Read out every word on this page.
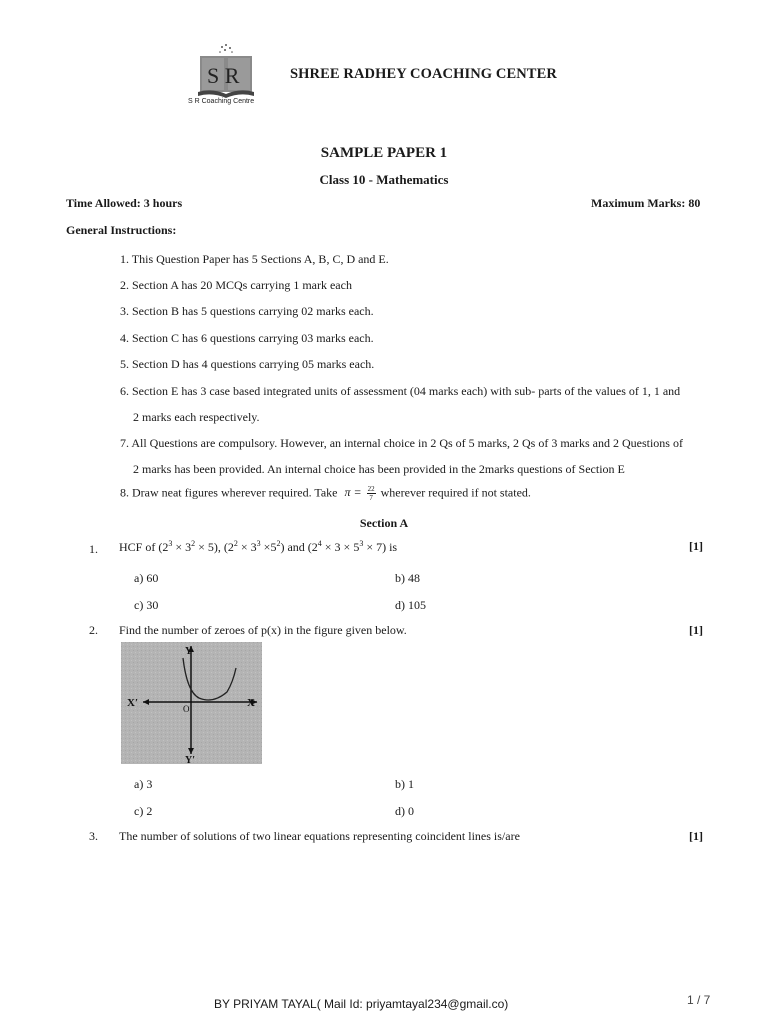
S R
S R Coaching Centre
SHREE RADHEY COACHING CENTER
SAMPLE PAPER 1
Class 10 - Mathematics
Time Allowed: 3 hours	Maximum Marks: 80
General Instructions:
1. This Question Paper has 5 Sections A, B, C, D and E.
2. Section A has 20 MCQs carrying 1 mark each
3. Section B has 5 questions carrying 02 marks each.
4. Section C has 6 questions carrying 03 marks each.
5. Section D has 4 questions carrying 05 marks each.
6. Section E has 3 case based integrated units of assessment (04 marks each) with sub- parts of the values of 1, 1 and
2 marks each respectively.
7. All Questions are compulsory. However, an internal choice in 2 Qs of 5 marks, 2 Qs of 3 marks and 2 Questions of
2 marks has been provided. An internal choice has been provided in the 2marks questions of Section E
8. Draw neat figures wherever required. Take $\pi = \frac{22}{7}$ wherever required if not stated.
Section A
1. HCF of $(2^3 \times 3^2 \times 5)$, $(2^2 \times 3^3 \times 5^2)$ and $(2^4 \times 3 \times 5^3 \times 7)$ is	[1]
a) 60	b) 48
c) 30	d) 105
2. Find the number of zeroes of p(x) in the figure given below.	[1]
X′	X
Y
Y′
O
a) 3	b) 1
c) 2	d) 0
3. The number of solutions of two linear equations representing coincident lines is/are	[1]
BY PRIYAM TAYAL( Mail Id: priyamtayal234@gmail.co)	1 / 7
